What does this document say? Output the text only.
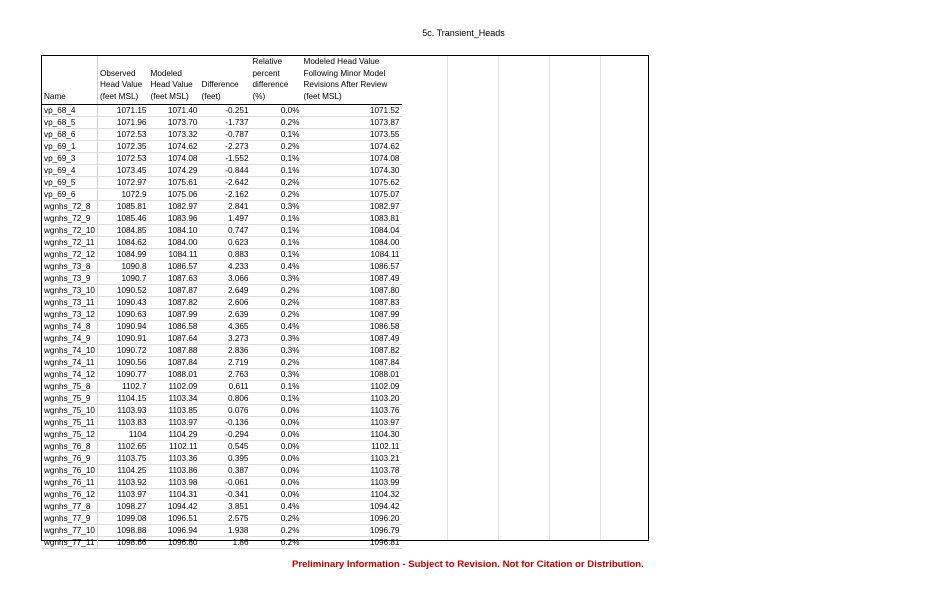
5c. Transient_Heads
Name	Observed Head Value (feet MSL)	Modeled Head Value (feet MSL)	Difference (feet)	Relative percent difference (%)	Modeled Head Value Following Minor Model Revisions After Review (feet MSL)
vp_68_4	1071.15	1071.40	-0.251	0.0%	1071.52
vp_68_5	1071.96	1073.70	-1.737	0.2%	1073.87
vp_68_6	1072.53	1073.32	-0.787	0.1%	1073.55
vp_69_1	1072.35	1074.62	-2.273	0.2%	1074.62
vp_69_3	1072.53	1074.08	-1.552	0.1%	1074.08
vp_69_4	1073.45	1074.29	-0.844	0.1%	1074.30
vp_69_5	1072.97	1075.61	-2.642	0.2%	1075.62
vp_69_6	1072.9	1075.06	-2.162	0.2%	1075.07
wgnhs_72_8	1085.81	1082.97	2.841	0.3%	1082.97
wgnhs_72_9	1085.46	1083.96	1.497	0.1%	1083.81
wgnhs_72_10	1084.85	1084.10	0.747	0.1%	1084.04
wgnhs_72_11	1084.62	1084.00	0.623	0.1%	1084.00
wgnhs_72_12	1084.99	1084.11	0.883	0.1%	1084.11
wgnhs_73_8	1090.8	1086.57	4.233	0.4%	1086.57
wgnhs_73_9	1090.7	1087.63	3.066	0.3%	1087.49
wgnhs_73_10	1090.52	1087.87	2.649	0.2%	1087.80
wgnhs_73_11	1090.43	1087.82	2.606	0.2%	1087.83
wgnhs_73_12	1090.63	1087.99	2.639	0.2%	1087.99
wgnhs_74_8	1090.94	1086.58	4.365	0.4%	1086.58
wgnhs_74_9	1090.91	1087.64	3.273	0.3%	1087.49
wgnhs_74_10	1090.72	1087.88	2.836	0.3%	1087.82
wgnhs_74_11	1090.56	1087.84	2.719	0.2%	1087.84
wgnhs_74_12	1090.77	1088.01	2.763	0.3%	1088.01
wgnhs_75_8	1102.7	1102.09	0.611	0.1%	1102.09
wgnhs_75_9	1104.15	1103.34	0.806	0.1%	1103.20
wgnhs_75_10	1103.93	1103.85	0.076	0.0%	1103.76
wgnhs_75_11	1103.83	1103.97	-0.136	0.0%	1103.97
wgnhs_75_12	1104	1104.29	-0.294	0.0%	1104.30
wgnhs_76_8	1102.65	1102.11	0.545	0.0%	1102.11
wgnhs_76_9	1103.75	1103.36	0.395	0.0%	1103.21
wgnhs_76_10	1104.25	1103.86	0.387	0.0%	1103.78
wgnhs_76_11	1103.92	1103.98	-0.061	0.0%	1103.99
wgnhs_76_12	1103.97	1104.31	-0.341	0.0%	1104.32
wgnhs_77_8	1098.27	1094.42	3.851	0.4%	1094.42
wgnhs_77_9	1099.08	1096.51	2.575	0.2%	1096.20
wgnhs_77_10	1098.88	1096.94	1.938	0.2%	1096.79
wgnhs_77_11	1098.66	1096.80	1.86	0.2%	1096.81
Preliminary Information - Subject to Revision. Not for Citation or Distribution.
